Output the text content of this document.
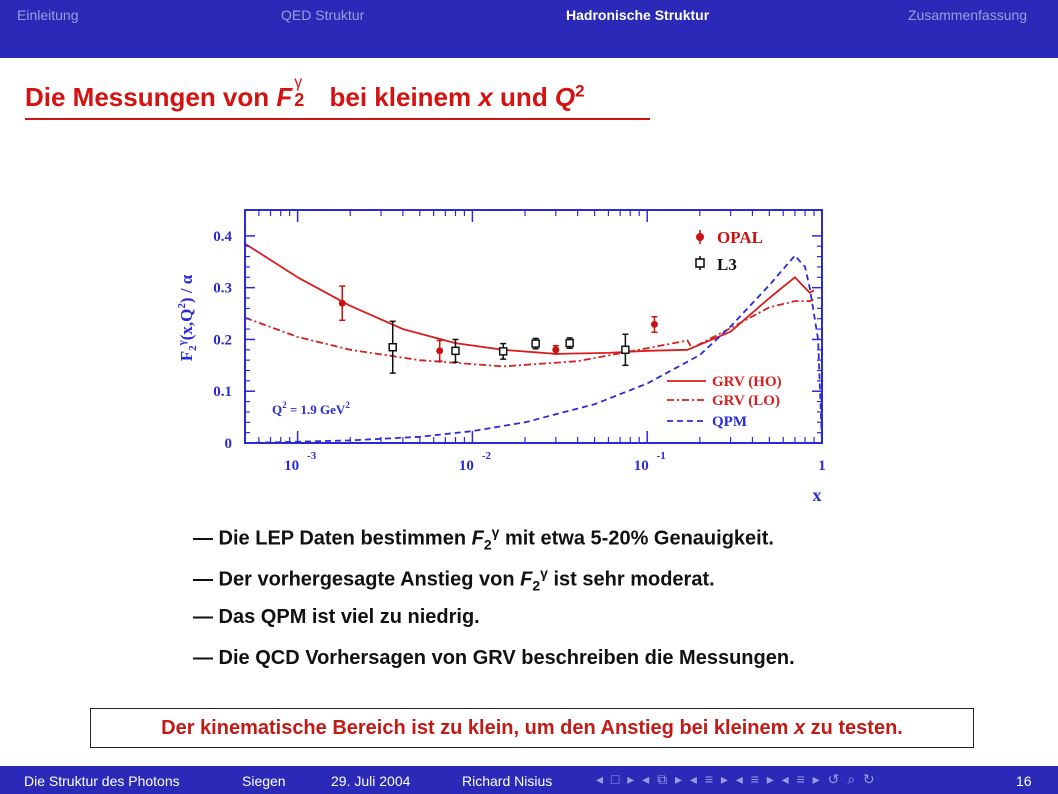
Einleitung	QED Struktur	Hadronische Struktur	Zusammenfassung
Die Messungen von F γ
2 bei kleinem x und $Q^2$
0
0.1
0.2
0.3
0.4
10
-3
10
-2
10
-1
1
$F_2^\gamma(x,Q^2)$ / α
x
$Q^2 = 1.9$ GeV$^2$
OPAL
L3
GRV (HO)
GRV (LO)
QPM
— Die LEP Daten bestimmen $F_2^\gamma$ mit etwa 5-20% Genauigkeit.
— Der vorhergesagte Anstieg von $F_2^\gamma$ ist sehr moderat.
— Das QPM ist viel zu niedrig.
— Die QCD Vorhersagen von GRV beschreiben die Messungen.
Der kinematische Bereich ist zu klein, um den Anstieg bei kleinem x zu testen.
Die Struktur des Photons	Siegen	29. Juli 2004	Richard Nisius	◂ □ ▸ ◂ ⧉ ▸ ◂ ≡ ▸ ◂ ≡ ▸ ◂ ≡ ▸ ↺ ⌕ ↻	16
